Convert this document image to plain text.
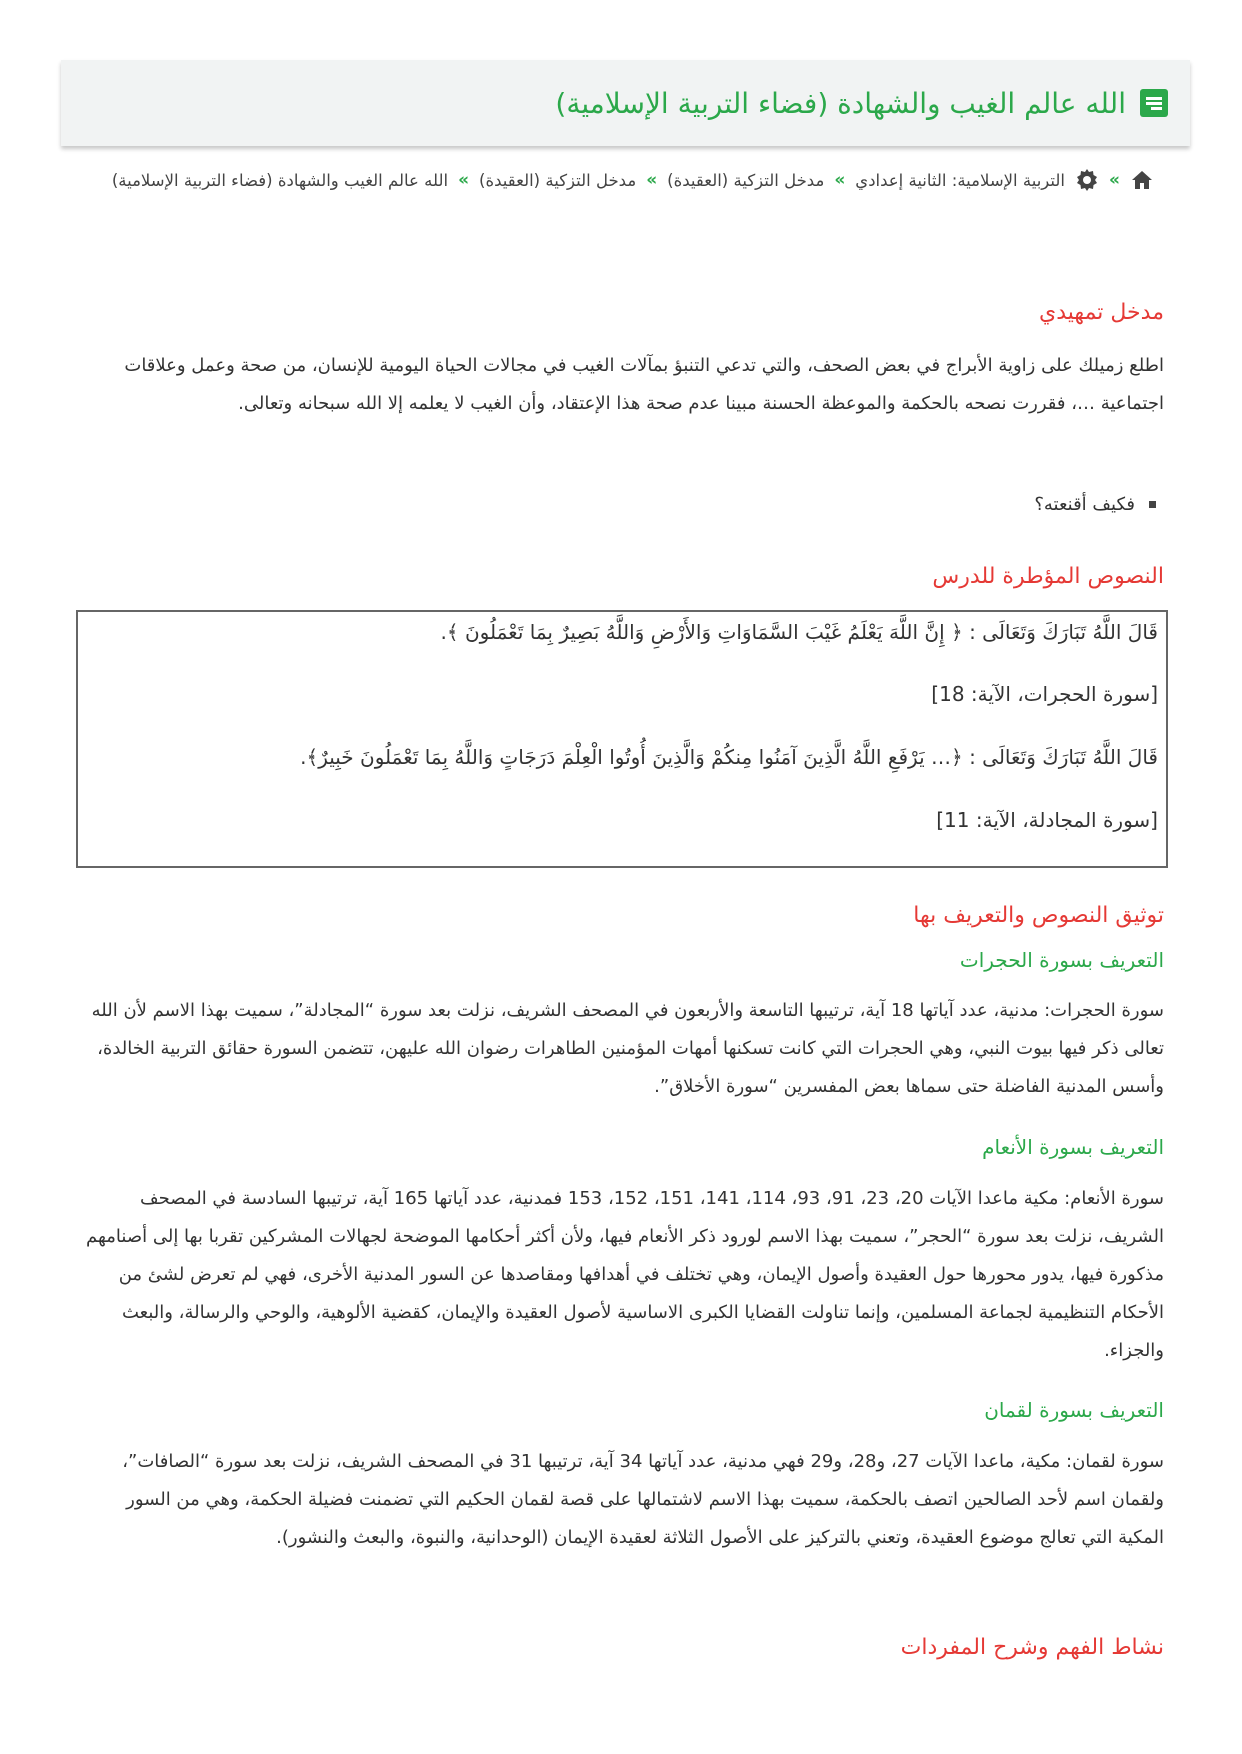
الله عالم الغيب والشهادة (فضاء التربية الإسلامية)
»
التربية الإسلامية: الثانية إعدادي
»
مدخل التزكية (العقيدة)
»
مدخل التزكية (العقيدة)
»
الله عالم الغيب والشهادة (فضاء التربية الإسلامية)
مدخل تمهيدي

اطلع زميلك على زاوية الأبراج في بعض الصحف، والتي تدعي التنبؤ بمآلات الغيب في مجالات الحياة اليومية للإنسان، من صحة وعمل وعلاقات اجتماعية …، فقررت نصحه بالحكمة والموعظة الحسنة مبينا عدم صحة هذا الإعتقاد، وأن الغيب لا يعلمه إلا الله سبحانه وتعالى.

فكيف أقنعته؟
النصوص المؤطرة للدرس
قَالَ اللَّهُ تَبَارَكَ وَتَعَالَى : ﴿ إِنَّ اللَّهَ يَعْلَمُ غَيْبَ السَّمَاوَاتِ وَالأَرْضِ وَاللَّهُ بَصِيرٌ بِمَا تَعْمَلُونَ ﴾.
[سورة الحجرات، الآية: 18]
قَالَ اللَّهُ تَبَارَكَ وَتَعَالَى : ﴿… يَرْفَعِ اللَّهُ الَّذِينَ آمَنُوا مِنكُمْ وَالَّذِينَ أُوتُوا الْعِلْمَ دَرَجَاتٍ وَاللَّهُ بِمَا تَعْمَلُونَ خَبِيرٌ﴾.
[سورة المجادلة، الآية: 11]
توثيق النصوص والتعريف بها
التعريف بسورة الحجرات

سورة الحجرات: مدنية، عدد آياتها 18 آية، ترتيبها التاسعة والأربعون في المصحف الشريف، نزلت بعد سورة “المجادلة”، سميت بهذا الاسم لأن الله تعالى ذكر فيها بيوت النبي، وهي الحجرات التي كانت تسكنها أمهات المؤمنين الطاهرات رضوان الله عليهن، تتضمن السورة حقائق التربية الخالدة، وأسس المدنية الفاضلة حتى سماها بعض المفسرين “سورة الأخلاق”.

التعريف بسورة الأنعام

سورة الأنعام: مكية ماعدا الآيات 20، 23، 91، 93، 114، 141، 151، 152، 153 فمدنية، عدد آياتها 165 آية، ترتيبها السادسة في المصحف الشريف، نزلت بعد سورة “الحجر”، سميت بهذا الاسم لورود ذكر الأنعام فيها، ولأن أكثر أحكامها الموضحة لجهالات المشركين تقربا بها إلى أصنامهم مذكورة فيها، يدور محورها حول العقيدة وأصول الإيمان، وهي تختلف في أهدافها ومقاصدها عن السور المدنية الأخرى، فهي لم تعرض لشئ من الأحكام التنظيمية لجماعة المسلمين، وإنما تناولت القضايا الكبرى الاساسية لأصول العقيدة والإيمان، كقضية الألوهية، والوحي والرسالة، والبعث والجزاء.

التعريف بسورة لقمان

سورة لقمان: مكية، ماعدا الآيات 27، و28، و29 فهي مدنية، عدد آياتها 34 آية، ترتيبها 31 في المصحف الشريف، نزلت بعد سورة “الصافات”، ولقمان اسم لأحد الصالحين اتصف بالحكمة، سميت بهذا الاسم لاشتمالها على قصة لقمان الحكيم التي تضمنت فضيلة الحكمة، وهي من السور المكية التي تعالج موضوع العقيدة، وتعني بالتركيز على الأصول الثلاثة لعقيدة الإيمان (الوحدانية، والنبوة، والبعث والنشور).

نشاط الفهم وشرح المفردات
